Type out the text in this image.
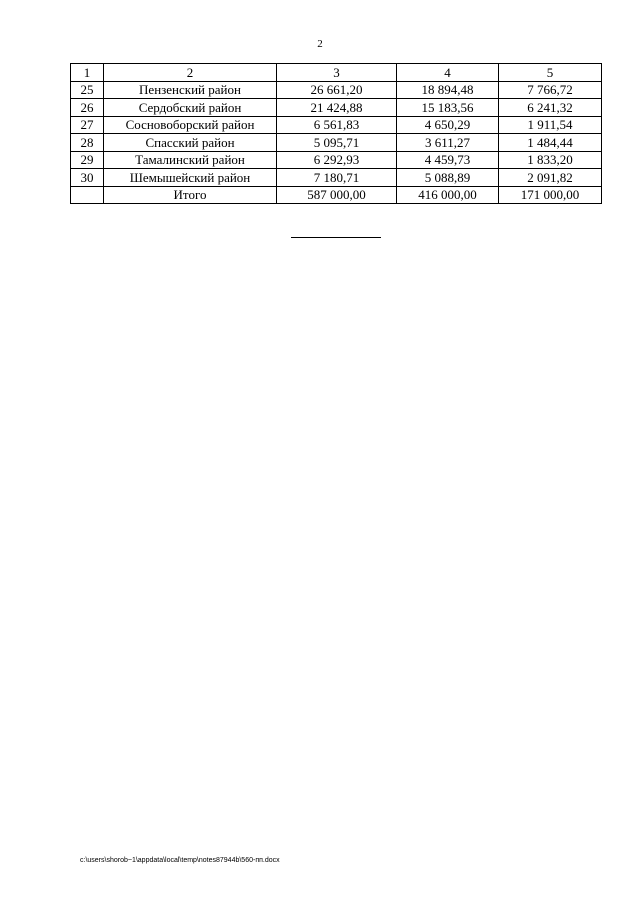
2
1	2	3	4	5
25	Пензенский район	26 661,20	18 894,48	7 766,72
26	Сердобский район	21 424,88	15 183,56	6 241,32
27	Сосновоборский район	6 561,83	4 650,29	1 911,54
28	Спасский район	5 095,71	3 611,27	1 484,44
29	Тамалинский район	6 292,93	4 459,73	1 833,20
30	Шемышейский район	7 180,71	5 088,89	2 091,82
	Итого	587 000,00	416 000,00	171 000,00
c:\users\shorob~1\appdata\local\temp\notes87944b\560-пп.docx
